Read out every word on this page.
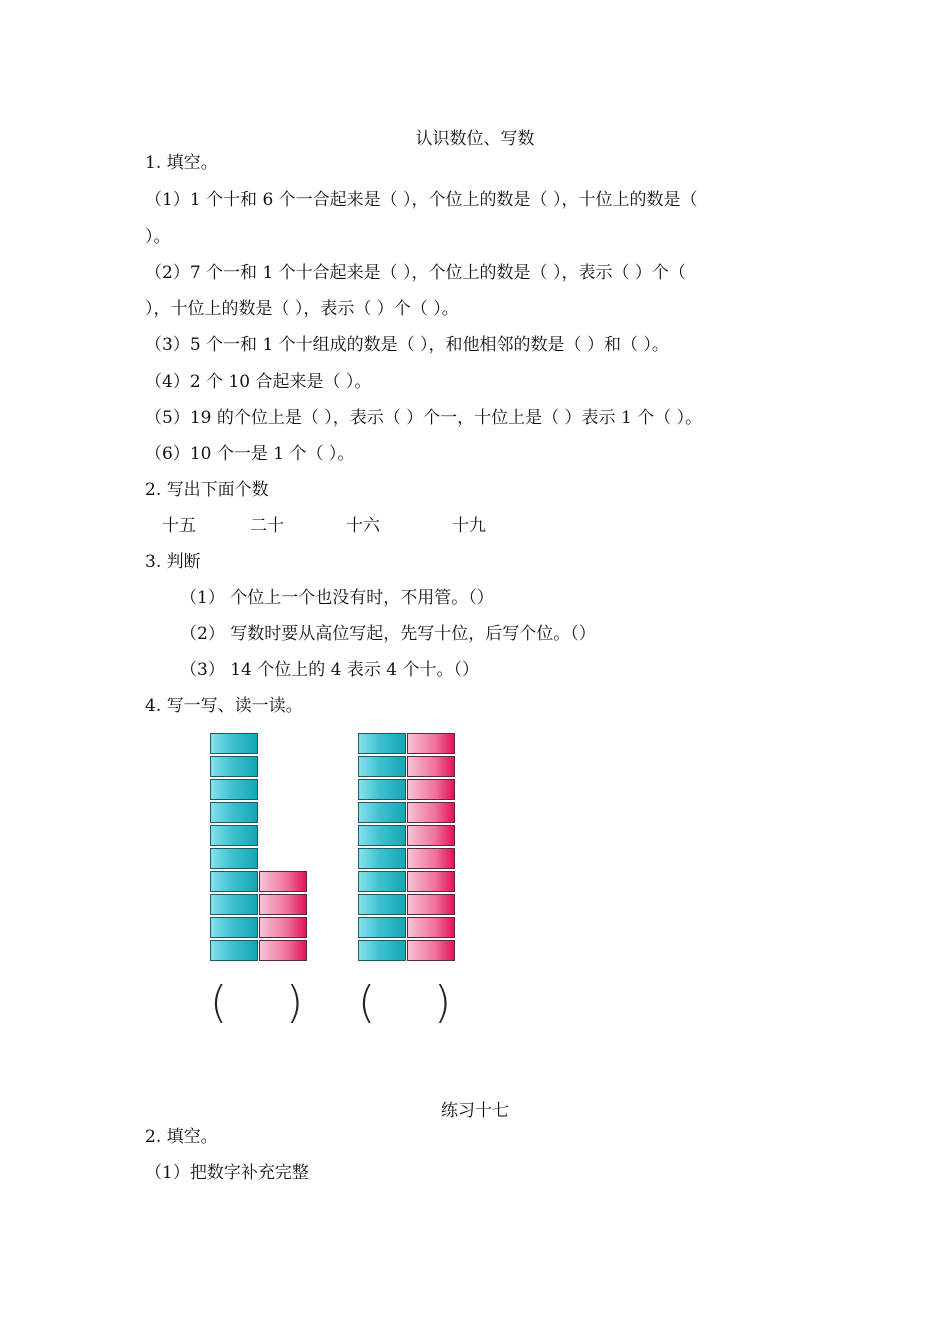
认识数位、写数
1. 填空。
（1）1 个十和 6 个一合起来是（ ），个位上的数是（ ），十位上的数是（
）。
（2）7 个一和 1 个十合起来是（ ），个位上的数是（ ），表示（ ）个（
），十位上的数是（ ），表示（ ）个（ ）。
（3）5 个一和 1 个十组成的数是（ ），和他相邻的数是（ ）和（ ）。
（4）2 个 10 合起来是（ ）。
（5）19 的个位上是（ ），表示（ ）个一，十位上是（ ）表示 1 个（ ）。
（6）10 个一是 1 个（ ）。
2. 写出下面个数
十五	二十	十六	十九
3. 判断
（1） 个位上一个也没有时，不用管。（）
（2） 写数时要从高位写起，先写十位，后写个位。（）
（3） 14 个位上的 4 表示 4 个十。（）
4. 写一写、读一读。
( ) ( )
练习十七
2. 填空。
（1）把数字补充完整
